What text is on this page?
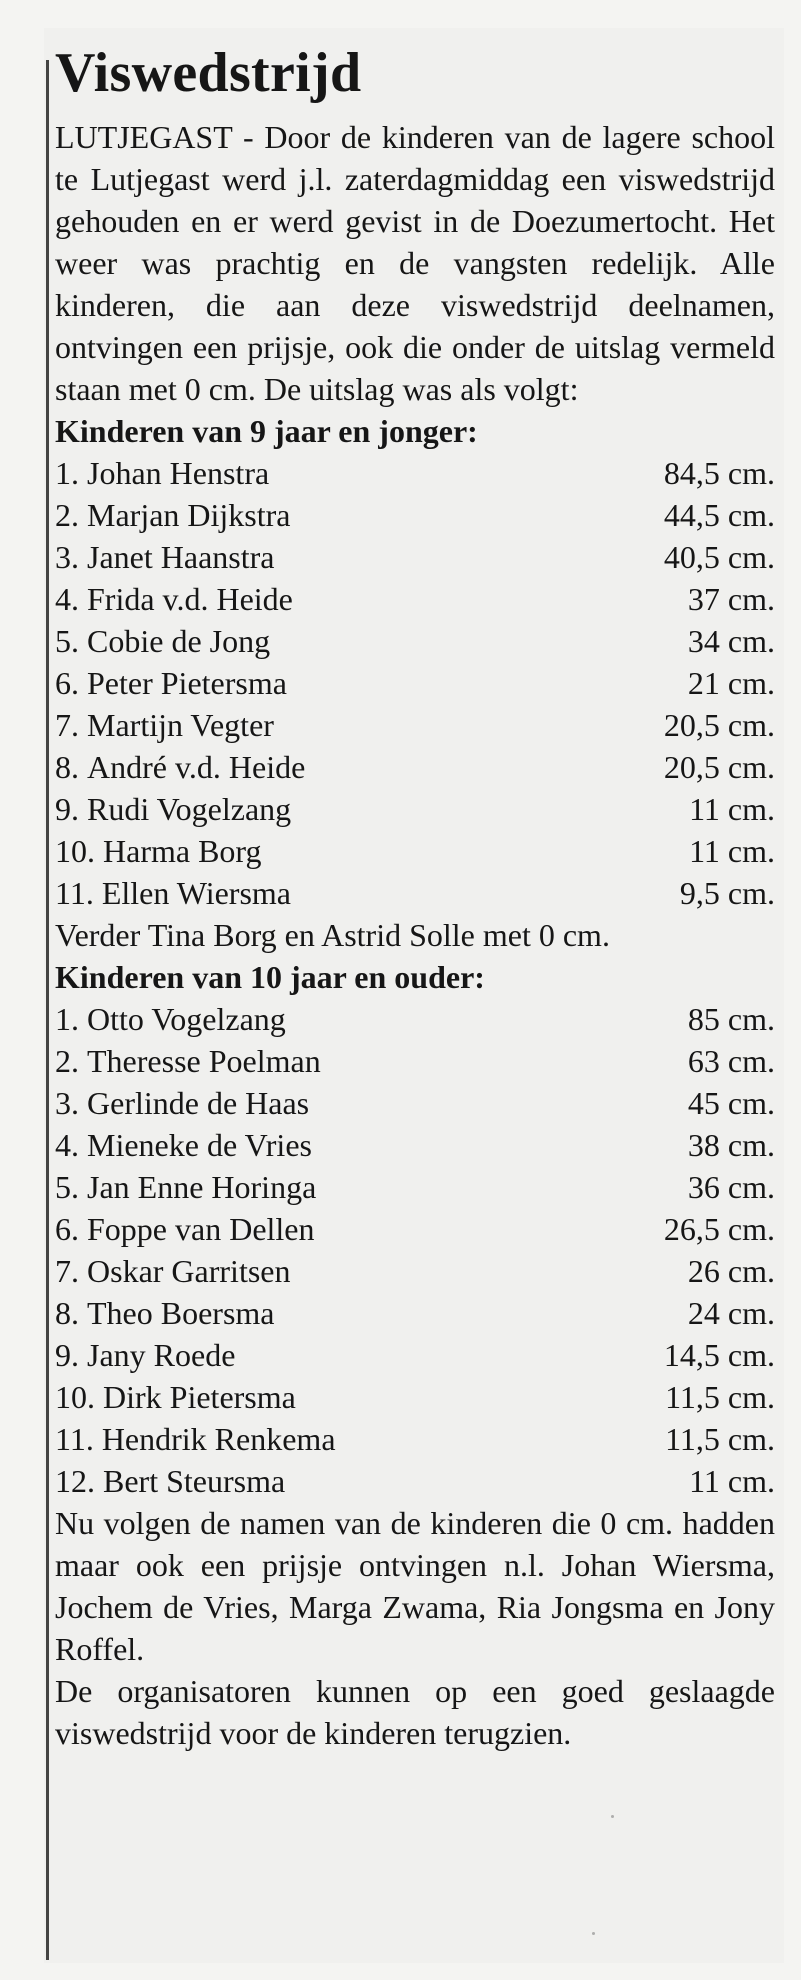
Viswedstrijd

LUTJEGAST - Door de kinderen van de lagere school te Lutjegast werd j.l. zaterdagmiddag een viswedstrijd gehouden en er werd gevist in de Doezumertocht. Het weer was prachtig en de vangsten redelijk. Alle kinderen, die aan deze viswedstrijd deelnamen, ontvingen een prijsje, ook die onder de uitslag vermeld staan met 0 cm. De uitslag was als volgt:

Kinderen van 9 jaar en jonger:
1. Johan Henstra	84,5 cm.
2. Marjan Dijkstra	44,5 cm.
3. Janet Haanstra	40,5 cm.
4. Frida v.d. Heide	37 cm.
5. Cobie de Jong	34 cm.
6. Peter Pietersma	21 cm.
7. Martijn Vegter	20,5 cm.
8. André v.d. Heide	20,5 cm.
9. Rudi Vogelzang	11 cm.
10. Harma Borg	11 cm.
11. Ellen Wiersma	9,5 cm.
Verder Tina Borg en Astrid Solle met 0 cm.
Kinderen van 10 jaar en ouder:
1. Otto Vogelzang	85 cm.
2. Theresse Poelman	63 cm.
3. Gerlinde de Haas	45 cm.
4. Mieneke de Vries	38 cm.
5. Jan Enne Horinga	36 cm.
6. Foppe van Dellen	26,5 cm.
7. Oskar Garritsen	26 cm.
8. Theo Boersma	24 cm.
9. Jany Roede	14,5 cm.
10. Dirk Pietersma	11,5 cm.
11. Hendrik Renkema	11,5 cm.
12. Bert Steursma	11 cm.

Nu volgen de namen van de kinderen die 0 cm. hadden maar ook een prijsje ontvingen n.l. Johan Wiersma, Jochem de Vries, Marga Zwama, Ria Jongsma en Jony Roffel.

De organisatoren kunnen op een goed geslaagde viswedstrijd voor de kinderen terugzien.
